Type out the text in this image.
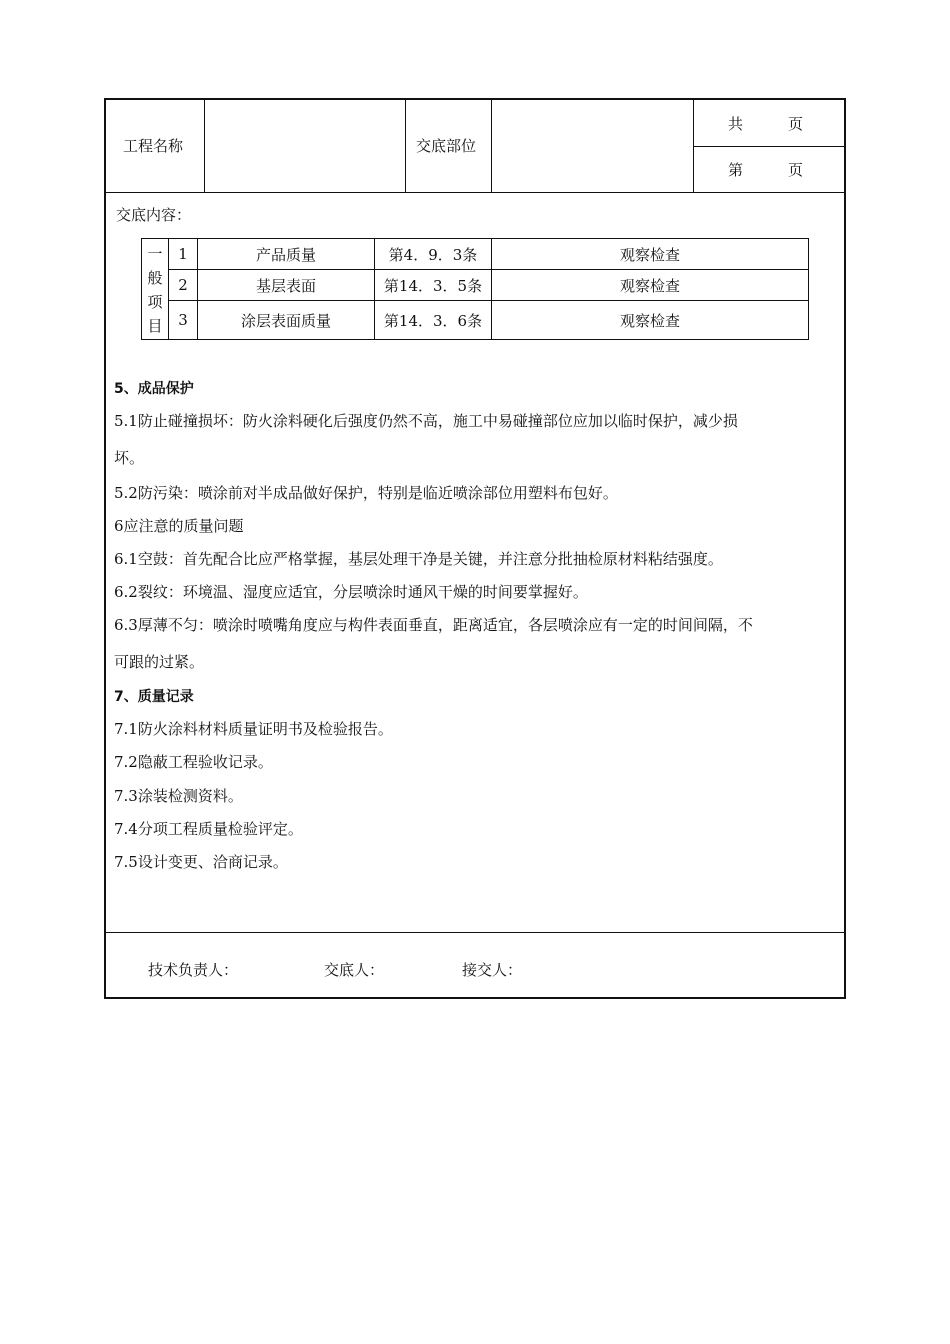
工程名称	交底部位
共　　　页
第　　　页
交底内容：
一
般
项
目	1	产品质量	第4．9．3条	观察检查
	2	基层表面	第14．3．5条	观察检查
	3	涂层表面质量	第14．3．6条	观察检查
5、成品保护
5.1防止碰撞损坏：防火涂料硬化后强度仍然不高，施工中易碰撞部位应加以临时保护，减少损
坏。
5.2防污染：喷涂前对半成品做好保护，特别是临近喷涂部位用塑料布包好。
6应注意的质量问题
6.1空鼓：首先配合比应严格掌握，基层处理干净是关键，并注意分批抽检原材料粘结强度。
6.2裂纹：环境温、湿度应适宜，分层喷涂时通风干燥的时间要掌握好。
6.3厚薄不匀：喷涂时喷嘴角度应与构件表面垂直，距离适宜，各层喷涂应有一定的时间间隔，不
可跟的过紧。
7、质量记录
7.1防火涂料材料质量证明书及检验报告。
7.2隐蔽工程验收记录。
7.3涂装检测资料。
7.4分项工程质量检验评定。
7.5设计变更、洽商记录。
技术负责人：	交底人：	接交人：
